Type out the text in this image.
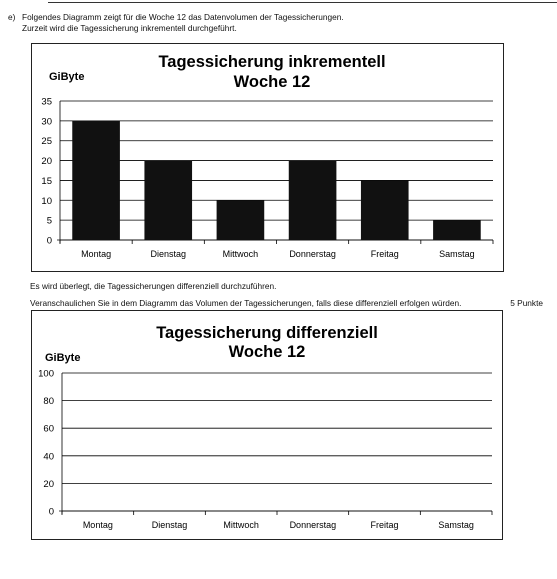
e) Folgendes Diagramm zeigt für die Woche 12 das Datenvolumen der Tagessicherungen.
Zurzeit wird die Tagessicherung inkrementell durchgeführt.
Tagessicherung inkrementell
Woche 12
GiByte
0
5
10
15
20
25
30
35
Montag	Dienstag	Mittwoch	Donnerstag	Freitag	Samstag
Es wird überlegt, die Tagessicherungen differenziell durchzuführen.
Veranschaulichen Sie in dem Diagramm das Volumen der Tagessicherungen, falls diese differenziell erfolgen würden.	5 Punkte
Tagessicherung differenziell
Woche 12
GiByte
0
20
40
60
80
100
Montag	Dienstag	Mittwoch	Donnerstag	Freitag	Samstag
